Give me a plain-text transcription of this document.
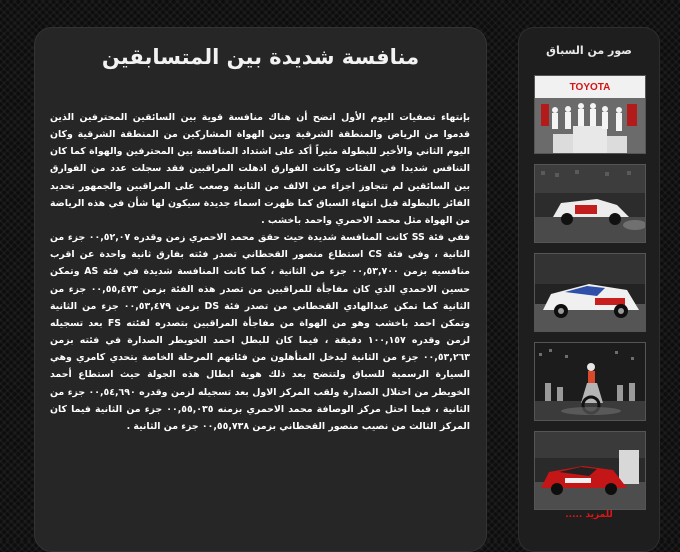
منافسة شديدة بين المتسابقين

بإنتهاء تصفيات اليوم الأول اتضح أن هناك منافسة قوية بين السائقين المحترفين الذين قدموا من الرياض والمنطقة الشرقية وبين الهواة المشاركين من المنطقة الشرقية وكان اليوم الثاني والأخير للبطولة مثيراً أكد على اشتداد المنافسة بين المحترفين والهواة كما كان التنافس شديدا في الفئات وكانت الفوارق اذهلت المراقبين فقد سجلت عدد من الفوارق بين السائقين لم تتجاوز اجزاء من الالف من الثانية وصعب على المراقبين والجمهور تحديد الفائز بالبطولة قبل انتهاء السباق كما ظهرت اسماء جديدة سيكون لها شأن في هذه الرياضة من الهواة مثل محمد الاحمري واحمد باخشب .

ففي فئة SS كانت المنافسة شديدة حيث حقق محمد الاحمري زمن وقدره ٠٠,٥٢,٠٧ جزء من الثانية ، وفي فئة CS استطاع منصور القحطاني تصدر فئته بفارق ثانية واحدة عن اقرب منافسيه بزمن ٠٠,٥٣,٧٠٠ جزء من الثانية ، كما كانت المنافسة شديدة في فئة AS وتمكن حسين الاحمدي الذي كان مفاجأة للمراقبين من تصدر هذه الفئة بزمن ٠٠,٥٥,٤٧٣ جزء من الثانية كما تمكن عبدالهادي القحطاني من تصدر فئة DS بزمن ٠٠,٥٣,٤٧٩ جزء من الثانية وتمكن احمد باخشب وهو من الهواة من مفاجأة المراقبين بتصدره لفئته FS بعد تسجيله لزمن وقدره ١٠٠,١٥٧ دقيقة ، فيما كان للبطل احمد الخويطر الصدارة في فئته بزمن ٠٠,٥٣,٢٦٣ جزء من الثانية ليدخل المتأهلون من فئاتهم المرحلة الخاصة بتحدي كامري وهي السيارة الرسمية للسباق ولتتضح بعد ذلك هوية ابطال هذه الجولة حيث استطاع أحمد الخويطر من احتلال الصدارة ولقب المركز الاول بعد تسجيله لزمن وقدره ٠٠,٥٤,٦٩٠ جزء من الثانية ، فيما احتل مركز الوصافة محمد الاحمري بزمنه ٠٠,٥٥,٠٣٥ جزء من الثانية فيما كان المركز الثالث من نصيب منصور القحطاني بزمن ٠٠,٥٥,٧٣٨ جزء من الثانية .

صور من السباق
TOYOTA
للمزيد .....
